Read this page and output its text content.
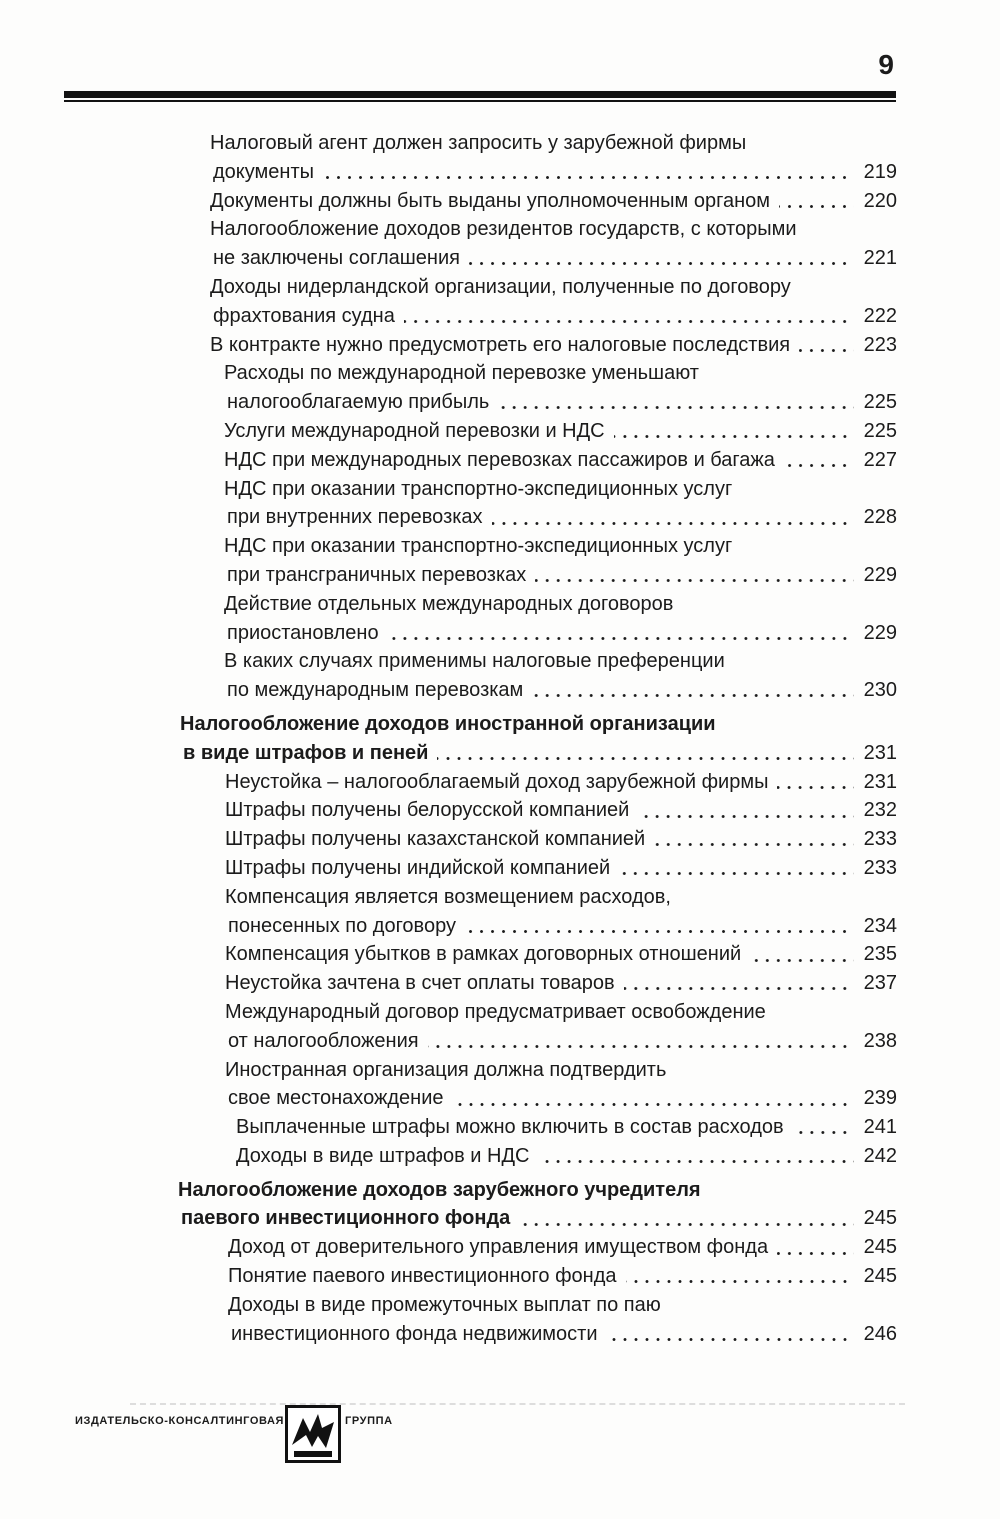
9
Налоговый агент должен запросить у зарубежной фирмы
документы	219
Документы должны быть выданы уполномоченным органом	220
Налогообложение доходов резидентов государств, с которыми
не заключены соглашения	221
Доходы нидерландской организации, полученные по договору
фрахтования судна	222
В контракте нужно предусмотреть его налоговые последствия	223
Расходы по международной перевозке уменьшают
налогооблагаемую прибыль	225
Услуги международной перевозки и НДС	225
НДС при международных перевозках пассажиров и багажа	227
НДС при оказании транспортно-экспедиционных услуг
при внутренних перевозках	228
НДС при оказании транспортно-экспедиционных услуг
при трансграничных перевозках	229
Действие отдельных международных договоров
приостановлено	229
В каких случаях применимы налоговые преференции
по международным перевозкам	230
Налогообложение доходов иностранной организации
в виде штрафов и пеней	231
Неустойка – налогооблагаемый доход зарубежной фирмы	231
Штрафы получены белорусской компанией	232
Штрафы получены казахстанской компанией	233
Штрафы получены индийской компанией	233
Компенсация является возмещением расходов,
понесенных по договору	234
Компенсация убытков в рамках договорных отношений	235
Неустойка зачтена в счет оплаты товаров	237
Международный договор предусматривает освобождение
от налогообложения	238
Иностранная организация должна подтвердить
свое местонахождение	239
Выплаченные штрафы можно включить в состав расходов	241
Доходы в виде штрафов и НДС	242
Налогообложение доходов зарубежного учредителя
паевого инвестиционного фонда	245
Доход от доверительного управления имуществом фонда	245
Понятие паевого инвестиционного фонда	245
Доходы в виде промежуточных выплат по паю
инвестиционного фонда недвижимости	246
ИЗДАТЕЛЬСКО-КОНСАЛТИНГОВАЯ	ГРУППА
